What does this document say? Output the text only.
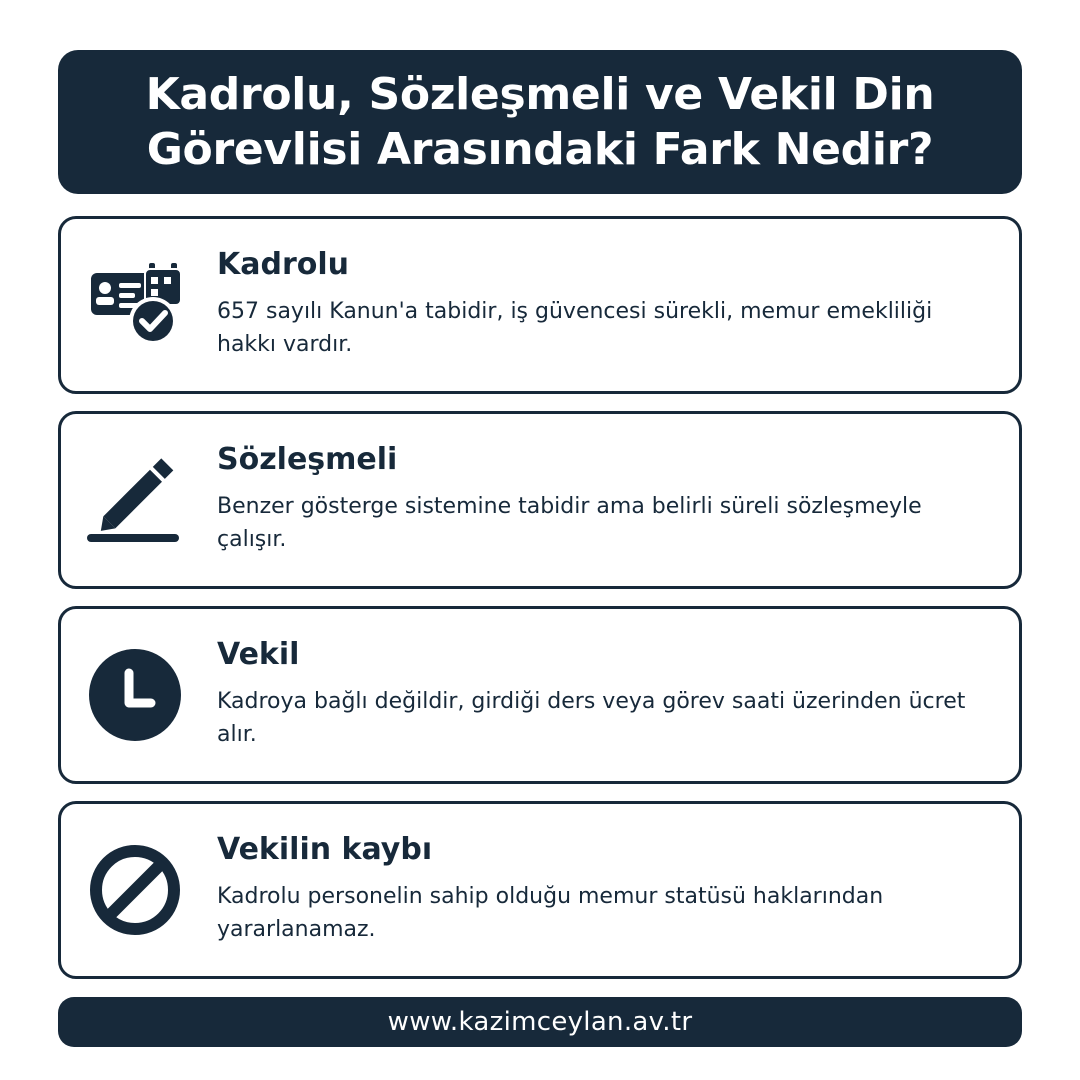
Kadrolu, Sözleşmeli ve Vekil Din Görevlisi Arasındaki Fark Nedir?
Kadrolu

657 sayılı Kanun'a tabidir, iş güvencesi sürekli, memur emekliliği hakkı vardır.

Sözleşmeli

Benzer gösterge sistemine tabidir ama belirli süreli sözleşmeyle çalışır.

Vekil

Kadroya bağlı değildir, girdiği ders veya görev saati üzerinden ücret alır.

Vekilin kaybı

Kadrolu personelin sahip olduğu memur statüsü haklarından yararlanamaz.

www.kazimceylan.av.tr
